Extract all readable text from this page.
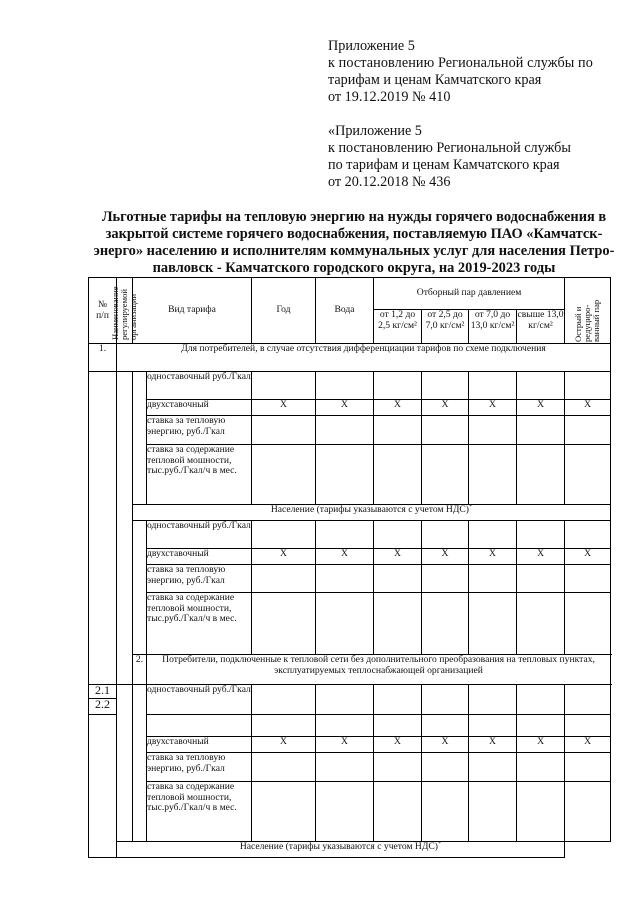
Приложение 5
к постановлению Региональной службы по
тарифам и ценам Камчатского края
от 19.12.2019 № 410
«Приложение 5
к постановлению Региональной службы
по тарифам и ценам Камчатского края
от 20.12.2018 № 436
Льготные тарифы на тепловую энергию на нужды горячего водоснабжения в
закрытой системе горячего водоснабжения, поставляемую ПАО «Камчатск-
энерго» населению и исполнителям коммунальных услуг для населения Петро-
павловск - Камчатского городского округа, на 2019-2023 годы
№
п/п	Наименование регулируемой организации	Вид тарифа		Год	Вода	Отборный пар давлением				Острый и редуциро-ванный пар

						от 1,2 до 2,5 кг/см²	от 2,5 до 7,0 кг/см²	от 7,0 до 13,0 кг/см²	свыше 13,0 кг/см²	
1.	Для потребителей, в случае отсутствия дифференциации тарифов по схеме подключения									
			одноставочный руб./Гкал							
			двухставочный	Х	Х	Х	Х	Х	Х	Х
			ставка за тепловую энергию, руб./Гкал							
			ставка за содержание тепловой мошности, тыс.руб./Гкал/ч в мес.							
		Население (тарифы указываются с учетом НДС)*
			одноставочный руб./Гкал							
			двухставочный	Х	Х	Х	Х	Х	Х	Х
			ставка за тепловую энергию, руб./Гкал							
			ставка за содержание тепловой мошности, тыс.руб./Гкал/ч в мес.							
		2.	Потребители, подключенные к тепловой сети без дополнительного преобразования на тепловых пунктах, эксплуатируемых теплоснабжающей организацией							
2.1			одноставочный руб./Гкал							
2.2										

			двухставочный	Х	Х	Х	Х	Х	Х	Х
			ставка за тепловую энергию, руб./Гкал							
			ставка за содержание тепловой мошности, тыс.руб./Гкал/ч в мес.							
	Население (тарифы указываются с учетом НДС)*
